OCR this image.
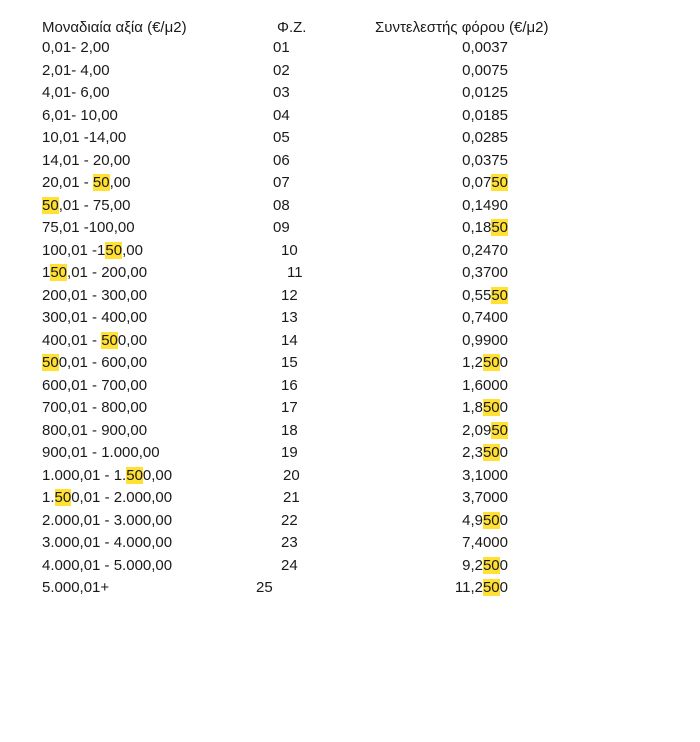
Μοναδιαία αξία (€/μ2)	Φ.Ζ.	Συντελεστής φόρου (€/μ2)
0,01- 2,00	01	0,0037
2,01- 4,00	02	0,0075
4,01- 6,00	03	0,0125
6,01- 10,00	04	0,0185
10,01 -14,00	05	0,0285
14,01 - 20,00	06	0,0375
20,01 - 50,00	07	0,0750
50,01 - 75,00	08	0,1490
75,01 -100,00	09	0,1850
100,01 -150,00	10	0,2470
150,01 - 200,00	11	0,3700
200,01 - 300,00	12	0,5550
300,01 - 400,00	13	0,7400
400,01 - 500,00	14	0,9900
500,01 - 600,00	15	1,2500
600,01 - 700,00	16	1,6000
700,01 - 800,00	17	1,8500
800,01 - 900,00	18	2,0950
900,01 - 1.000,00	19	2,3500
1.000,01 - 1.500,00	20	3,1000
1.500,01 - 2.000,00	21	3,7000
2.000,01 - 3.000,00	22	4,9500
3.000,01 - 4.000,00	23	7,4000
4.000,01 - 5.000,00	24	9,2500
5.000,01+	25	11,2500
